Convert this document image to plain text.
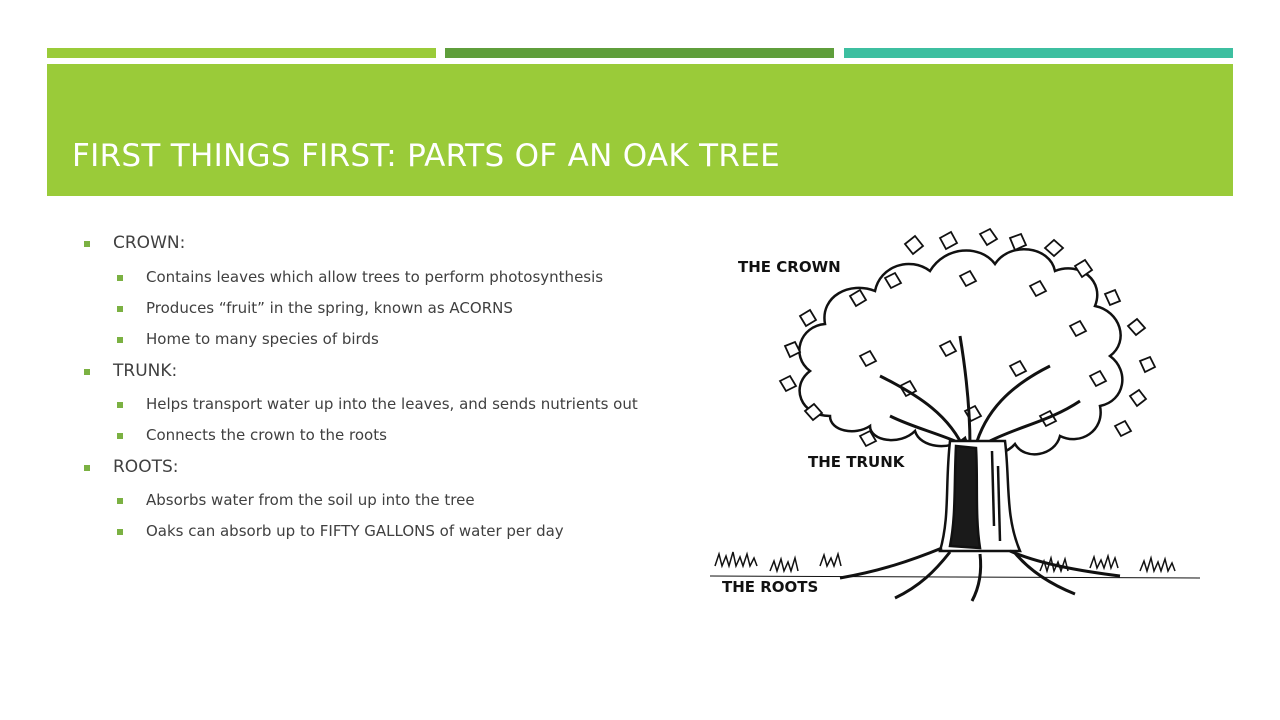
FIRST THINGS FIRST: PARTS OF AN OAK TREE
CROWN:
Contains leaves which allow trees to perform photosynthesis
Produces “fruit” in the spring, known as ACORNS
Home to many species of birds
TRUNK:
Helps transport water up into the leaves, and sends nutrients out
Connects the crown to the roots
ROOTS:
Absorbs water from the soil up into the tree
Oaks can absorb up to FIFTY GALLONS of water per day
THE CROWN
THE TRUNK
THE ROOTS
